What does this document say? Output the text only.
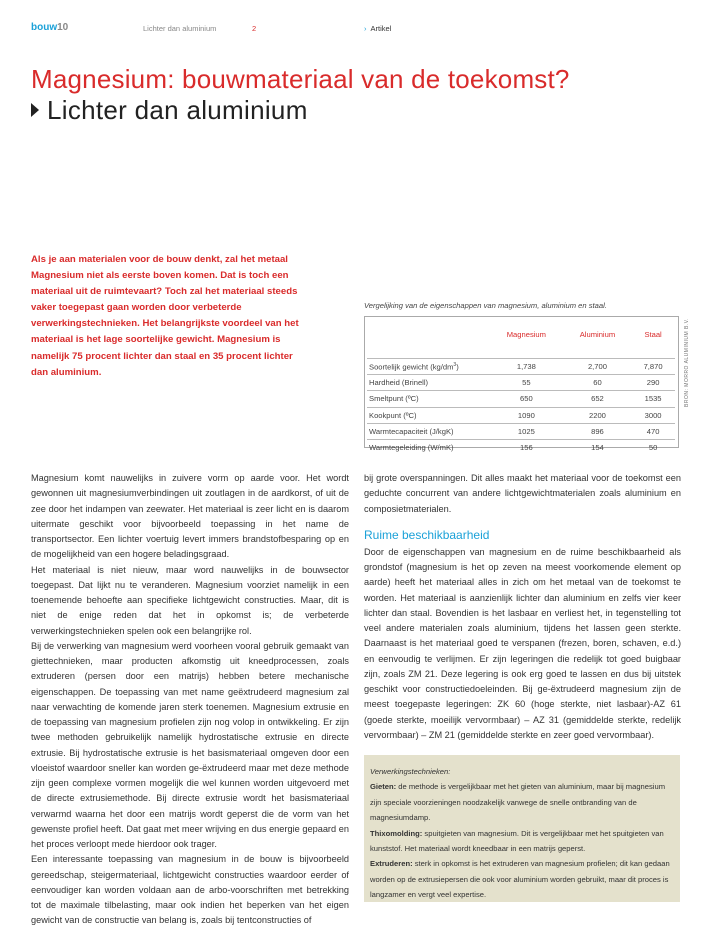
bouw10	Lichter dan aluminium	2	› Artikel
Magnesium: bouwmateriaal van de toekomst?
Lichter dan aluminium
Als je aan materialen voor de bouw denkt, zal het metaal Magnesium niet als eerste boven komen. Dat is toch een materiaal uit de ruimtevaart? Toch zal het materiaal steeds vaker toegepast gaan worden door verbeterde verwerkingstechnieken. Het belangrijkste voordeel van het materiaal is het lage soortelijke gewicht. Magnesium is namelijk 75 procent lichter dan staal en 35 procent lichter dan aluminium.
Vergelijking van de eigenschappen van magnesium, aluminium en staal.
	Magnesium	Aluminium	Staal

Soortelijk gewicht $(kg/dm^3)$	1,738	2,700	7,870
Hardheid (Brinell)	55	60	290
Smeltpunt (ºC)	650	652	1535
Kookpunt (ºC)	1090	2200	3000
Warmtecapaciteit (J/kgK)	1025	896	470
Warmtegeleiding (W/mK)	156	154	50
BRON: MORRO ALUMINIUM B.V.

Magnesium komt nauwelijks in zuivere vorm op aarde voor. Het wordt gewonnen uit magnesiumverbindingen uit zoutlagen in de aardkorst, of uit de zee door het indampen van zeewater. Het materiaal is zeer licht en is daarom uitermate geschikt voor bijvoorbeeld toepassing in het name de transportsector. Een lichter voertuig levert immers brandstofbesparing op en de mogelijkheid van een hogere beladingsgraad.

Het materiaal is niet nieuw, maar word nauwelijks in de bouwsector toegepast. Dat lijkt nu te veranderen. Magnesium voorziet namelijk in een toenemende behoefte aan specifieke lichtgewicht constructies. Maar, dit is niet de enige reden dat het in opkomst is; de verbeterde verwerkingstechnieken spelen ook een belangrijke rol.

Bij de verwerking van magnesium werd voorheen vooral gebruik gemaakt van giettechnieken, maar producten afkomstig uit kneedprocessen, zoals extruderen (persen door een matrijs) hebben betere mechanische eigenschappen. De toepassing van met name geëxtrudeerd magnesium zal naar verwachting de komende jaren sterk toenemen. Magnesium extrusie en de toepassing van magnesium profielen zijn nog volop in ontwikkeling. Er zijn twee methoden gebruikelijk namelijk hydrostatische extrusie en directe extrusie. Bij hydrostatische extrusie is het basismateriaal omgeven door een vloeistof waardoor sneller kan worden ge-ëxtrudeerd maar met deze methode zijn geen complexe vormen mogelijk die wel kunnen worden uitgevoerd met de directe extrusiemethode. Bij directe extrusie wordt het basismateriaal verwarmd waarna het door een matrijs wordt geperst die de vorm van het gewenste profiel heeft. Dat gaat met meer wrijving en dus energie gepaard en het proces verloopt mede hierdoor ook trager.

Een interessante toepassing van magnesium in de bouw is bijvoorbeeld gereedschap, steigermateriaal, lichtgewicht constructies waardoor eerder of eenvoudiger kan worden voldaan aan de arbo-voorschriften met betrekking tot de maximale tilbelasting, maar ook indien het beperken van het eigen gewicht van de constructie van belang is, zoals bij tentconstructies of

bij grote overspanningen. Dit alles maakt het materiaal voor de toekomst een geduchte concurrent van andere lichtgewichtmaterialen zoals aluminium en composietmaterialen.

Ruime beschikbaarheid

Door de eigenschappen van magnesium en de ruime beschikbaarheid als grondstof (magnesium is het op zeven na meest voorkomende element op aarde) heeft het materiaal alles in zich om het metaal van de toekomst te worden. Het materiaal is aanzienlijk lichter dan aluminium en zelfs vier keer lichter dan staal. Bovendien is het lasbaar en verliest het, in tegenstelling tot veel andere materialen zoals aluminium, tijdens het lassen geen sterkte. Daarnaast is het materiaal goed te verspanen (frezen, boren, schaven, e.d.) en eenvoudig te verlijmen. Er zijn legeringen die redelijk tot goed buigbaar zijn, zoals ZM 21. Deze legering is ook erg goed te lassen en dus bij uitstek geschikt voor constructiedoeleinden. Bij ge-ëxtrudeerd magnesium zijn de meest toegepaste legeringen: ZK 60 (hoge sterkte, niet lasbaar)-AZ 61 (goede sterkte, moeilijk vervormbaar) – AZ 31 (gemiddelde sterkte, redelijk vervormbaar) – ZM 21 (gemiddelde sterkte en zeer goed vervormbaar).

Verwerkingstechnieken:

Gieten: de methode is vergelijkbaar met het gieten van aluminium, maar bij magnesium zijn speciale voorzieningen noodzakelijk vanwege de snelle ontbranding van de magnesiumdamp.

Thixomolding: spuitgieten van magnesium. Dit is vergelijkbaar met het spuitgieten van kunststof. Het materiaal wordt kneedbaar in een matrijs geperst.

Extruderen: sterk in opkomst is het extruderen van magnesium profielen; dit kan gedaan worden op de extrusiepersen die ook voor aluminium worden gebruikt, maar dit proces is langzamer en vergt veel expertise.
